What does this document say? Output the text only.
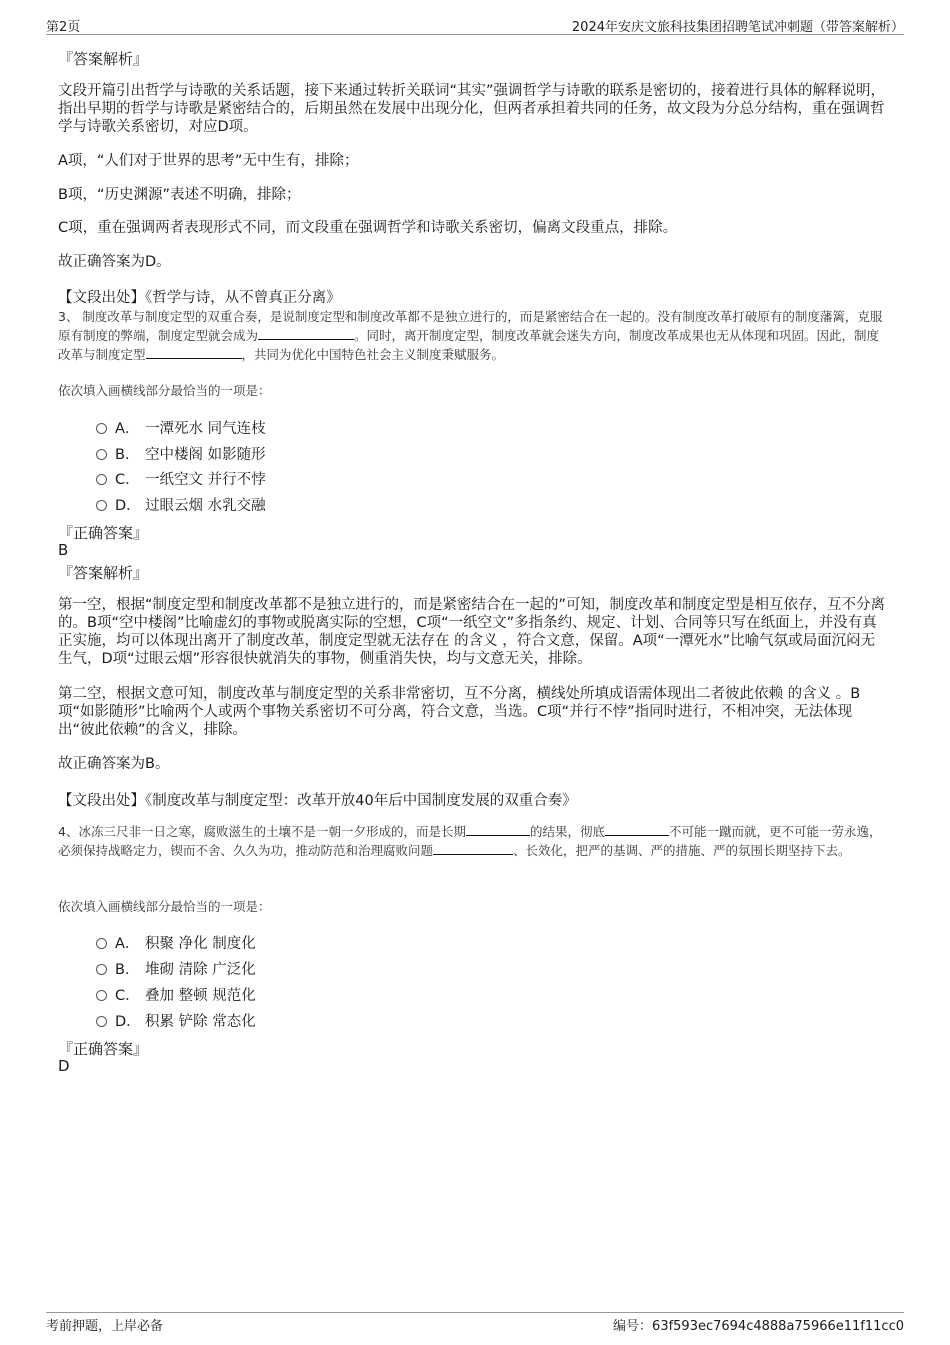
第2页	2024年安庆文旅科技集团招聘笔试冲刺题（带答案解析）
『答案解析』
文段开篇引出哲学与诗歌的关系话题，接下来通过转折关联词“其实”强调哲学与诗歌的联系是密切的，接着进行具体的解释说明，指出早期的哲学与诗歌是紧密结合的，后期虽然在发展中出现分化，但两者承担着共同的任务，故文段为分总分结构，重在强调哲学与诗歌关系密切，对应D项。
A项，“人们对于世界的思考”无中生有，排除；
B项，“历史渊源”表述不明确，排除；
C项，重在强调两者表现形式不同，而文段重在强调哲学和诗歌关系密切，偏离文段重点，排除。
故正确答案为D。
【文段出处】《哲学与诗，从不曾真正分离》
3、 制度改革与制度定型的双重合奏，是说制度定型和制度改革都不是独立进行的，而是紧密结合在一起的。没有制度改革打破原有的制度藩篱，克服原有制度的弊端，制度定型就会成为	。同时，离开制度定型，制度改革就会迷失方向，制度改革成果也无从体现和巩固。因此，制度改革与制度定型	，共同为优化中国特色社会主义制度秉赋服务。
依次填入画横线部分最恰当的一项是：
A． 一潭死水 同气连枝
B． 空中楼阁 如影随形
C． 一纸空文 并行不悖
D． 过眼云烟 水乳交融
『正确答案』
B
『答案解析』
第一空，根据“制度定型和制度改革都不是独立进行的，而是紧密结合在一起的”可知，制度改革和制度定型是相互依存，互不分离的。B项“空中楼阁”比喻虚幻的事物或脱离实际的空想，C项“一纸空文”多指条约、规定、计划、合同等只写在纸面上，并没有真正实施，均可以体现出离开了制度改革，制度定型就无法存在 的含义 ，符合文意，保留。A项“一潭死水”比喻气氛或局面沉闷无生气，D项“过眼云烟”形容很快就消失的事物，侧重消失快，均与文意无关，排除。
第二空，根据文意可知，制度改革与制度定型的关系非常密切，互不分离，横线处所填成语需体现出二者彼此依赖 的含义 。B项“如影随形”比喻两个人或两个事物关系密切不可分离，符合文意，当选。C项“并行不悖”指同时进行，不相冲突，无法体现出“彼此依赖”的含义，排除。
故正确答案为B。
【文段出处】《制度改革与制度定型：改革开放40年后中国制度发展的双重合奏》
4、冰冻三尺非一日之寒，腐败滋生的土壤不是一朝一夕形成的，而是长期	的结果，彻底	不可能一蹴而就，更不可能一劳永逸，必须保持战略定力，锲而不舍、久久为功，推动防范和治理腐败问题	、长效化，把严的基调、严的措施、严的氛围长期坚持下去。
依次填入画横线部分最恰当的一项是：
A． 积聚 净化 制度化
B． 堆砌 清除 广泛化
C． 叠加 整顿 规范化
D． 积累 铲除 常态化
『正确答案』
D
考前押题，上岸必备	编号：63f593ec7694c4888a75966e11f11cc0
